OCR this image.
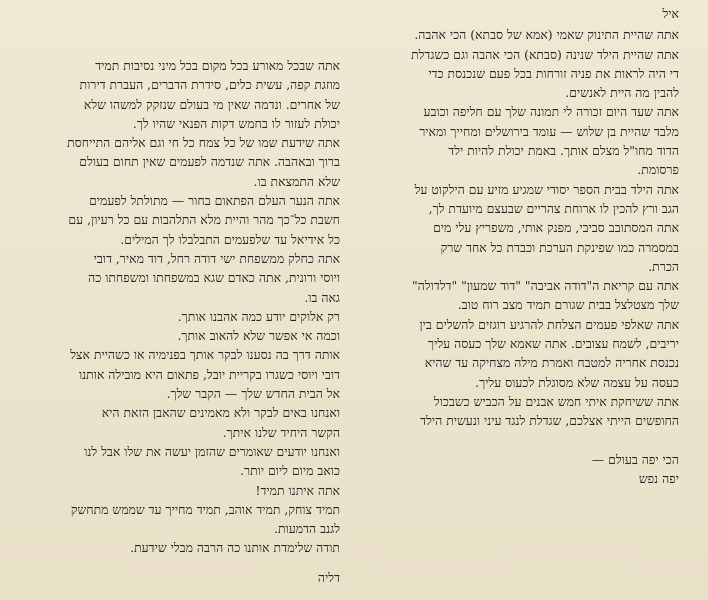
איל
אתה שהיית התינוק שאמי (אמא של סבתא) הכי אהבה.
אתה שהיית הילד שנינה (סבתא) הכי אהבה וגם כשגדלת
די היה לראות את פניה זורחות בכל פעם שנכנסת כדי
להבין מה היית לאנשים.
אתה שעד היום זכורה לי תמונה שלך עם חליפה וכובע
מלבד שהיית בן שלוש — עומד בירושלים ומחייך ומאיר
הדוד מחו"ל מצלם אותך. באמת יכולת להיות ילד
פרסומת.
אתה הילד בבית הספר יסודי שמגיע מזיע עם הילקוט על
הגב ורץ להכין לו ארוחת צהריים שבעצם מיועדת לך,
אתה המסתובב סביבי, מפנק אותי, משפריץ עלי מים
במסמרה כמו שפינקת הערכת וכבדת כל אחד שרק
הכרת.
אתה עם קריאת ה"דודה אביבה" "דוד שמעון" "דלדולה"
שלך מצטלצל בבית שגורם תמיד מצב רוח טוב.
אתה שאלפי פעמים הצלחת להרגיע רוגזים להשלים בין
יריבים, לשמח עצובים. אתה שאמא שלך כעסה עליך
נכנסת אחריה למטבח ואמרת מילה מצחיקה עד שהיא
כעסה על עצמה שלא מסוגלת לכעוס עליך.
אתה ששיחקת איתי חמש אבנים על הכביש כשבכול
החופשים הייתי אצלכם, שגדלת לנגד עיני ונעשית הילד
הכי יפה בעולם —
יפה נפש
אתה שבכל מאורע בכל מקום בכל מיני נסיבות תמיד
מוזגת קפה, עשית כלים, סידרת הדברים, העברת דירות
של אחרים. ונדמה שאין מי בעולם שנזקק למשהו שלא
יכולת לעזור לו בחמש דקות הפנאי שהיו לך.
אתה שידעת שמו של כל צמח כל חי וגם אליהם התייחסת
ברוך ובאהבה. אתה שנדמה לפעמים שאין תחום בעולם
שלא התמצאת בו.
אתה הנער העלם הפתאום בחור — מתולתל לפעמים
חשבת כל־כך מהר והיית מלא התלהבות עם כל רעיון, עם
כל אידיאל עד שלפעמים התבלבלו לך המילים.
אתה כחלק ממשפחת ישי דודה רחל, דוד מאיר, דובי
ויוסי ורונית, אתה כאדם שגא במשפחתו ומשפחתו כה
גאה בו.
רק אלוקים יודע כמה אהבנו אותך.
וכמה אי אפשר שלא להאוב אותך.
אותה דרך בה נסענו לבקר אותך בפנימיה או כשהיית אצל
דובי ויוסי כשגרו בקריית יובל, פתאום היא מובילה אותנו
אל הבית החדש שלך — הקבר שלך.
ואנחנו באים לבקר ולא מאמינים שהאבן הזאת היא
הקשר היחיד שלנו איתך.
ואנחנו יודעים שאומרים שהזמן יעשה את שלו אבל לנו
כואב מיום ליום יותר.
אתה איתנו תמיד!
תמיד צוחק, תמיד אוהב, תמיד מחייך עד שממש מתחשק
לגנב הדמעות.
תודה שלימדת אותנו כה הרבה מבלי שידעת.
דליה
